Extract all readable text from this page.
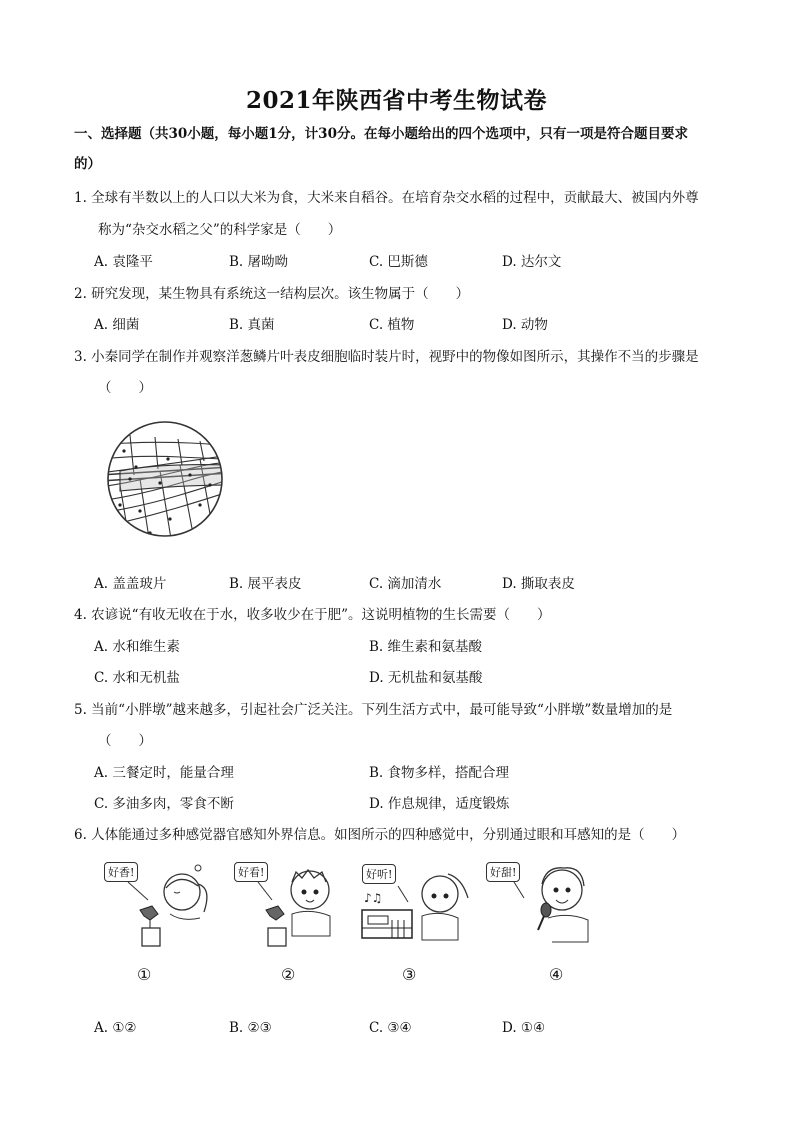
2021年陕西省中考生物试卷
一、选择题（共30小题，每小题1分，计30分。在每小题给出的四个选项中，只有一项是符合题目要求
的）
1. 全球有半数以上的人口以大米为食，大米来自稻谷。在培育杂交水稻的过程中，贡献最大、被国内外尊
称为“杂交水稻之父”的科学家是（　　）
A. 袁隆平	B. 屠呦呦	C. 巴斯德	D. 达尔文
2. 研究发现，某生物具有系统这一结构层次。该生物属于（　　）
A. 细菌	B. 真菌	C. 植物	D. 动物
3. 小秦同学在制作并观察洋葱鳞片叶表皮细胞临时装片时，视野中的物像如图所示，其操作不当的步骤是
（　　）
A. 盖盖玻片	B. 展平表皮	C. 滴加清水	D. 撕取表皮
4. 农谚说“有收无收在于水，收多收少在于肥”。这说明植物的生长需要（　　）
A. 水和维生素	B. 维生素和氨基酸
C. 水和无机盐	D. 无机盐和氨基酸
5. 当前“小胖墩”越来越多，引起社会广泛关注。下列生活方式中，最可能导致“小胖墩”数量增加的是
（　　）
A. 三餐定时，能量合理	B. 食物多样，搭配合理
C. 多油多肉，零食不断	D. 作息规律，适度锻炼
6. 人体能通过多种感觉器官感知外界信息。如图所示的四种感觉中，分别通过眼和耳感知的是（　　）
好香!
①
好看!
②
好听!
♪♫
③
好甜!
④
A. ①②	B. ②③	C. ③④	D. ①④
